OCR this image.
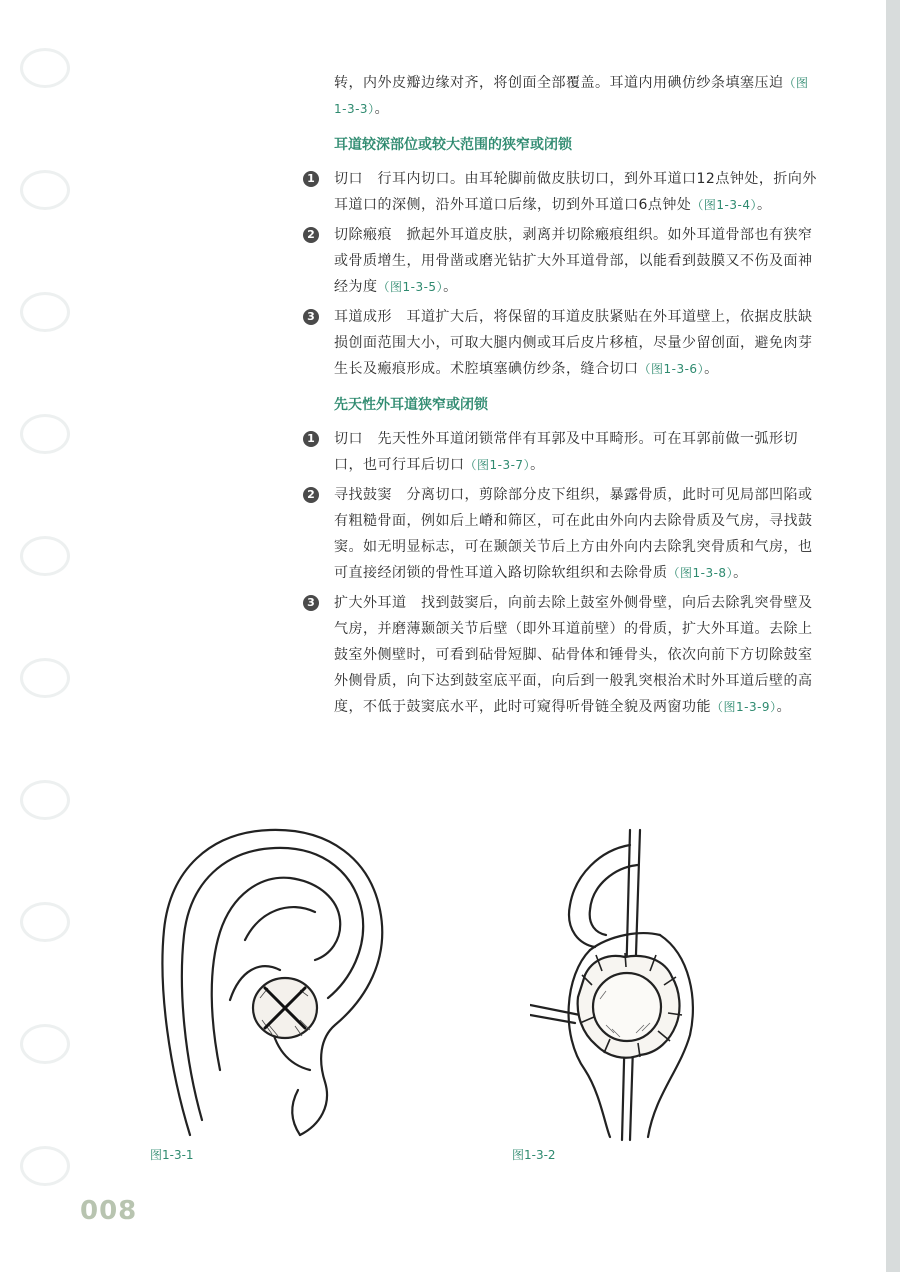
转，内外皮瓣边缘对齐，将创面全部覆盖。耳道内用碘仿纱条填塞压迫（图1-3-3）。

耳道较深部位或较大范围的狭窄或闭锁
1 切口　行耳内切口。由耳轮脚前做皮肤切口，到外耳道口12点钟处，折向外耳道口的深侧，沿外耳道口后缘，切到外耳道口6点钟处（图1-3-4）。

2 切除瘢痕　掀起外耳道皮肤，剥离并切除瘢痕组织。如外耳道骨部也有狭窄或骨质增生，用骨凿或磨光钻扩大外耳道骨部，以能看到鼓膜又不伤及面神经为度（图1-3-5）。

3 耳道成形　耳道扩大后，将保留的耳道皮肤紧贴在外耳道壁上，依据皮肤缺损创面范围大小，可取大腿内侧或耳后皮片移植，尽量少留创面，避免肉芽生长及瘢痕形成。术腔填塞碘仿纱条，缝合切口（图1-3-6）。

先天性外耳道狭窄或闭锁
1 切口　先天性外耳道闭锁常伴有耳郭及中耳畸形。可在耳郭前做一弧形切口，也可行耳后切口（图1-3-7）。

2 寻找鼓窦　分离切口，剪除部分皮下组织，暴露骨质，此时可见局部凹陷或有粗糙骨面，例如后上嵴和筛区，可在此由外向内去除骨质及气房，寻找鼓窦。如无明显标志，可在颞颌关节后上方由外向内去除乳突骨质和气房，也可直接经闭锁的骨性耳道入路切除软组织和去除骨质（图1-3-8）。

3 扩大外耳道　找到鼓窦后，向前去除上鼓室外侧骨壁，向后去除乳突骨壁及气房，并磨薄颞颌关节后壁（即外耳道前壁）的骨质，扩大外耳道。去除上鼓室外侧壁时，可看到砧骨短脚、砧骨体和锤骨头，依次向前下方切除鼓室外侧骨质，向下达到鼓室底平面，向后到一般乳突根治术时外耳道后壁的高度，不低于鼓窦底水平，此时可窥得听骨链全貌及两窗功能（图1-3-9）。

图1-3-1	图1-3-2
008
